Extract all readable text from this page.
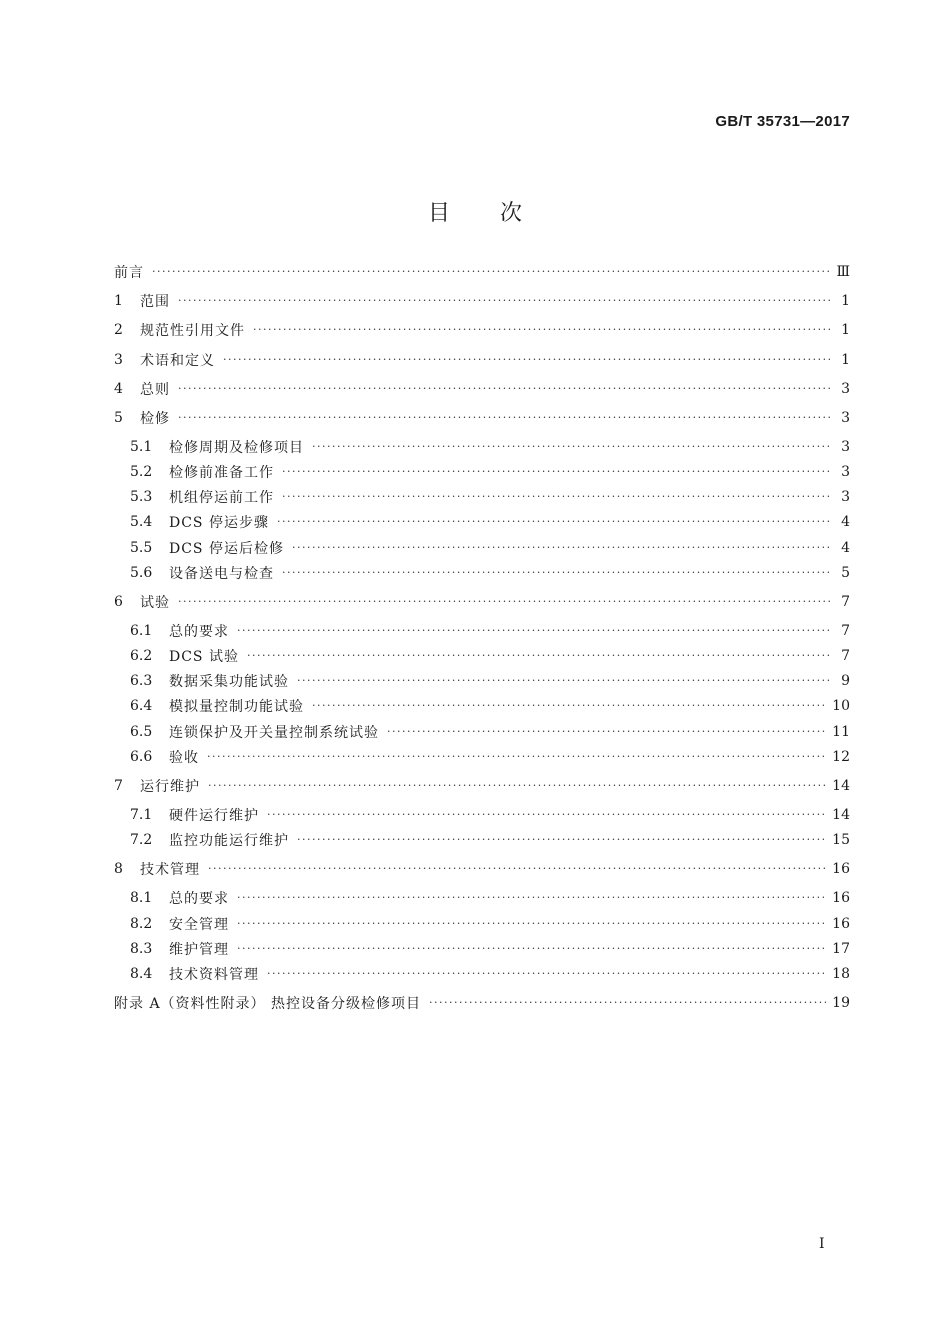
GB/T 35731—2017
目次
前言 ·····	Ⅲ
1	范围 ·····	1
2	规范性引用文件 ·····	1
3	术语和定义 ·····	1
4	总则 ·····	3
5	检修 ·····	3
5.1	检修周期及检修项目 ·····	3
5.2	检修前准备工作 ·····	3
5.3	机组停运前工作 ·····	3
5.4	DCS 停运步骤 ·····	4
5.5	DCS 停运后检修 ·····	4
5.6	设备送电与检查 ·····	5
6	试验 ·····	7
6.1	总的要求 ·····	7
6.2	DCS 试验 ·····	7
6.3	数据采集功能试验 ·····	9
6.4	模拟量控制功能试验 ·····	10
6.5	连锁保护及开关量控制系统试验 ·····	11
6.6	验收 ·····	12
7	运行维护 ·····	14
7.1	硬件运行维护 ·····	14
7.2	监控功能运行维护 ·····	15
8	技术管理 ·····	16
8.1	总的要求 ·····	16
8.2	安全管理 ·····	16
8.3	维护管理 ·····	17
8.4	技术资料管理 ·····	18
附录 A（资料性附录） 热控设备分级检修项目 ·····	19
I
